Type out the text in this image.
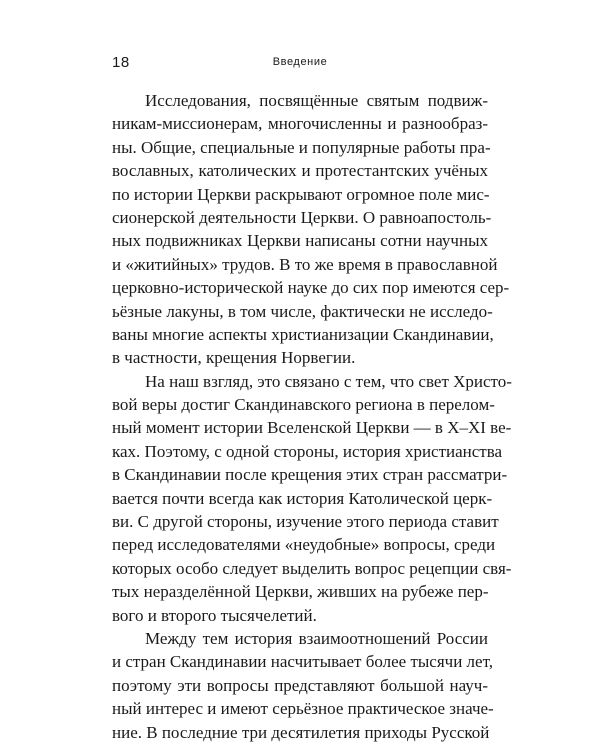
18	Введение

Исследования, посвящённые святым подвиж-
никам-миссионерам, многочисленны и разнообраз-
ны. Общие, специальные и популярные работы пра-
вославных, католических и протестантских учёных
по истории Церкви раскрывают огромное поле мис-
сионерской деятельности Церкви. О равноапостоль-
ных подвижниках Церкви написаны сотни научных
и «житийных» трудов. В то же время в православной
церковно-исторической науке до сих пор имеются сер-
ьёзные лакуны, в том числе, фактически не исследо-
ваны многие аспекты христианизации Скандинавии,
в частности, крещения Норвегии.

На наш взгляд, это связано с тем, что свет Христо-
вой веры достиг Скандинавского региона в перелом-
ный момент истории Вселенской Церкви — в X–XI ве-
ках. Поэтому, с одной стороны, история христианства
в Скандинавии после крещения этих стран рассматри-
вается почти всегда как история Католической церк-
ви. С другой стороны, изучение этого периода ставит
перед исследователями «неудобные» вопросы, среди
которых особо следует выделить вопрос рецепции свя-
тых неразделённой Церкви, живших на рубеже пер-
вого и второго тысячелетий.

Между тем история взаимоотношений России
и стран Скандинавии насчитывает более тысячи лет,
поэтому эти вопросы представляют большой науч-
ный интерес и имеют серьёзное практическое значе-
ние. В последние три десятилетия приходы Русской
